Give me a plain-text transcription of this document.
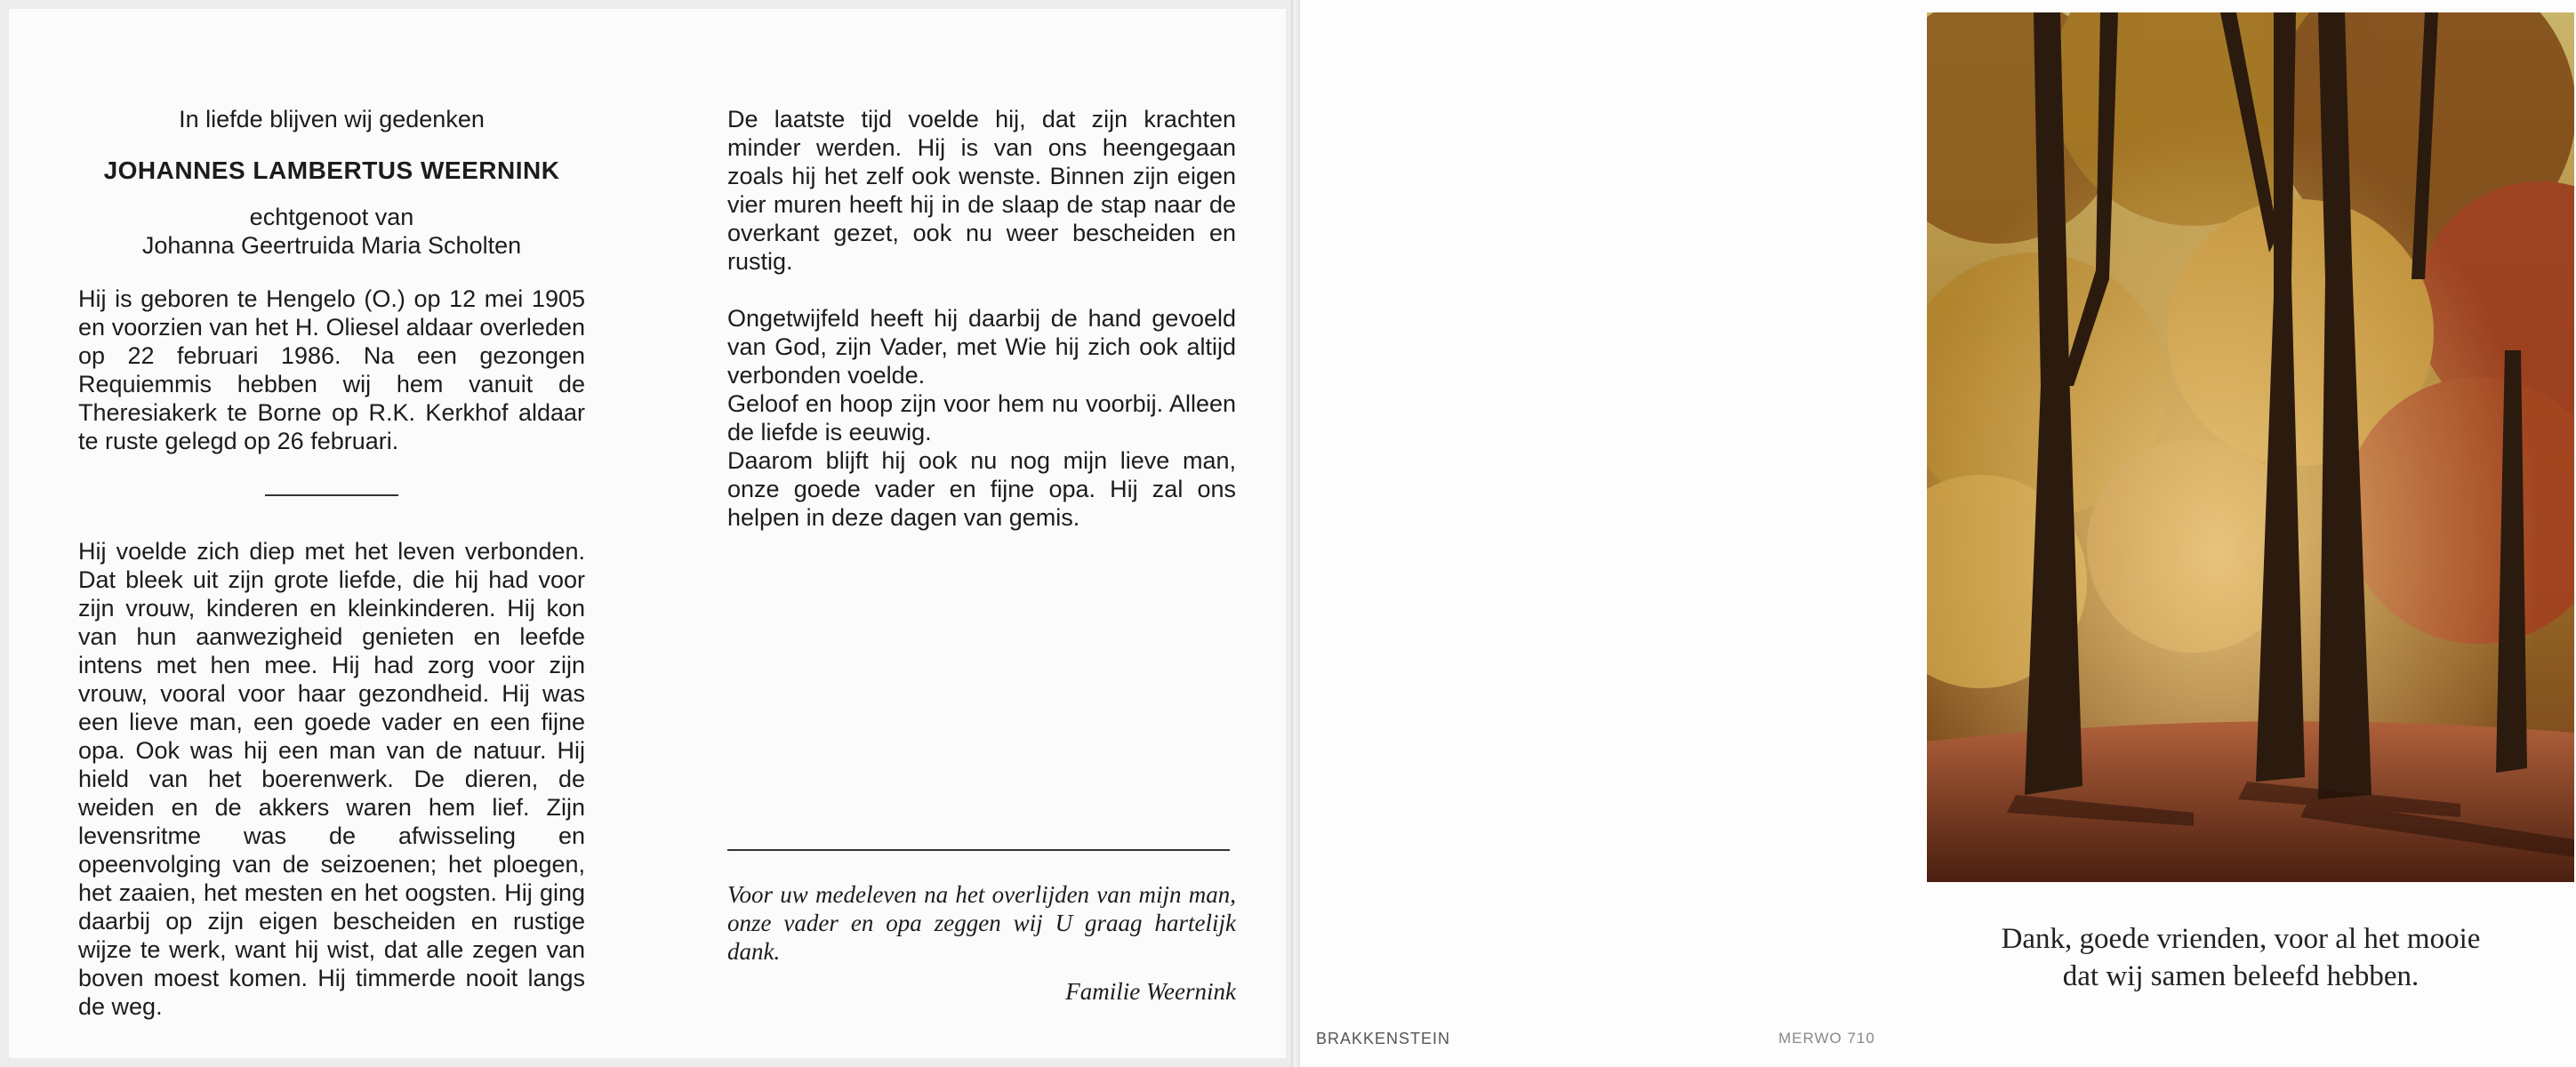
In liefde blijven wij gedenken

JOHANNES LAMBERTUS WEERNINK

echtgenoot van

Johanna Geertruida Maria Scholten

Hij is geboren te Hengelo (O.) op 12 mei 1905 en voorzien van het H. Oliesel aldaar overleden op 22 februari 1986. Na een gezongen Requiemmis hebben wij hem vanuit de Theresiakerk te Borne op R.K. Kerkhof aldaar te ruste gelegd op 26 februari.

Hij voelde zich diep met het leven verbonden. Dat bleek uit zijn grote liefde, die hij had voor zijn vrouw, kinderen en kleinkinderen. Hij kon van hun aanwezigheid genieten en leefde intens met hen mee. Hij had zorg voor zijn vrouw, vooral voor haar gezondheid. Hij was een lieve man, een goede vader en een fijne opa. Ook was hij een man van de natuur. Hij hield van het boerenwerk. De dieren, de weiden en de akkers waren hem lief. Zijn levensritme was de afwisseling en opeenvolging van de seizoenen; het ploegen, het zaaien, het mesten en het oogsten. Hij ging daarbij op zijn eigen bescheiden en rustige wijze te werk, want hij wist, dat alle zegen van boven moest komen. Hij timmerde nooit langs de weg.

De laatste tijd voelde hij, dat zijn krachten minder werden. Hij is van ons heengegaan zoals hij het zelf ook wenste. Binnen zijn eigen vier muren heeft hij in de slaap de stap naar de overkant gezet, ook nu weer bescheiden en rustig.

Ongetwijfeld heeft hij daarbij de hand gevoeld van God, zijn Vader, met Wie hij zich ook altijd verbonden voelde.

Geloof en hoop zijn voor hem nu voorbij. Alleen de liefde is eeuwig.

Daarom blijft hij ook nu nog mijn lieve man, onze goede vader en fijne opa. Hij zal ons helpen in deze dagen van gemis.

Voor uw medeleven na het overlijden van mijn man, onze vader en opa zeggen wij U graag hartelijk dank.

Familie Weernink

Dank, goede vrienden, voor al het mooie
dat wij samen beleefd hebben.
BRAKKENSTEIN	MERWO 710
